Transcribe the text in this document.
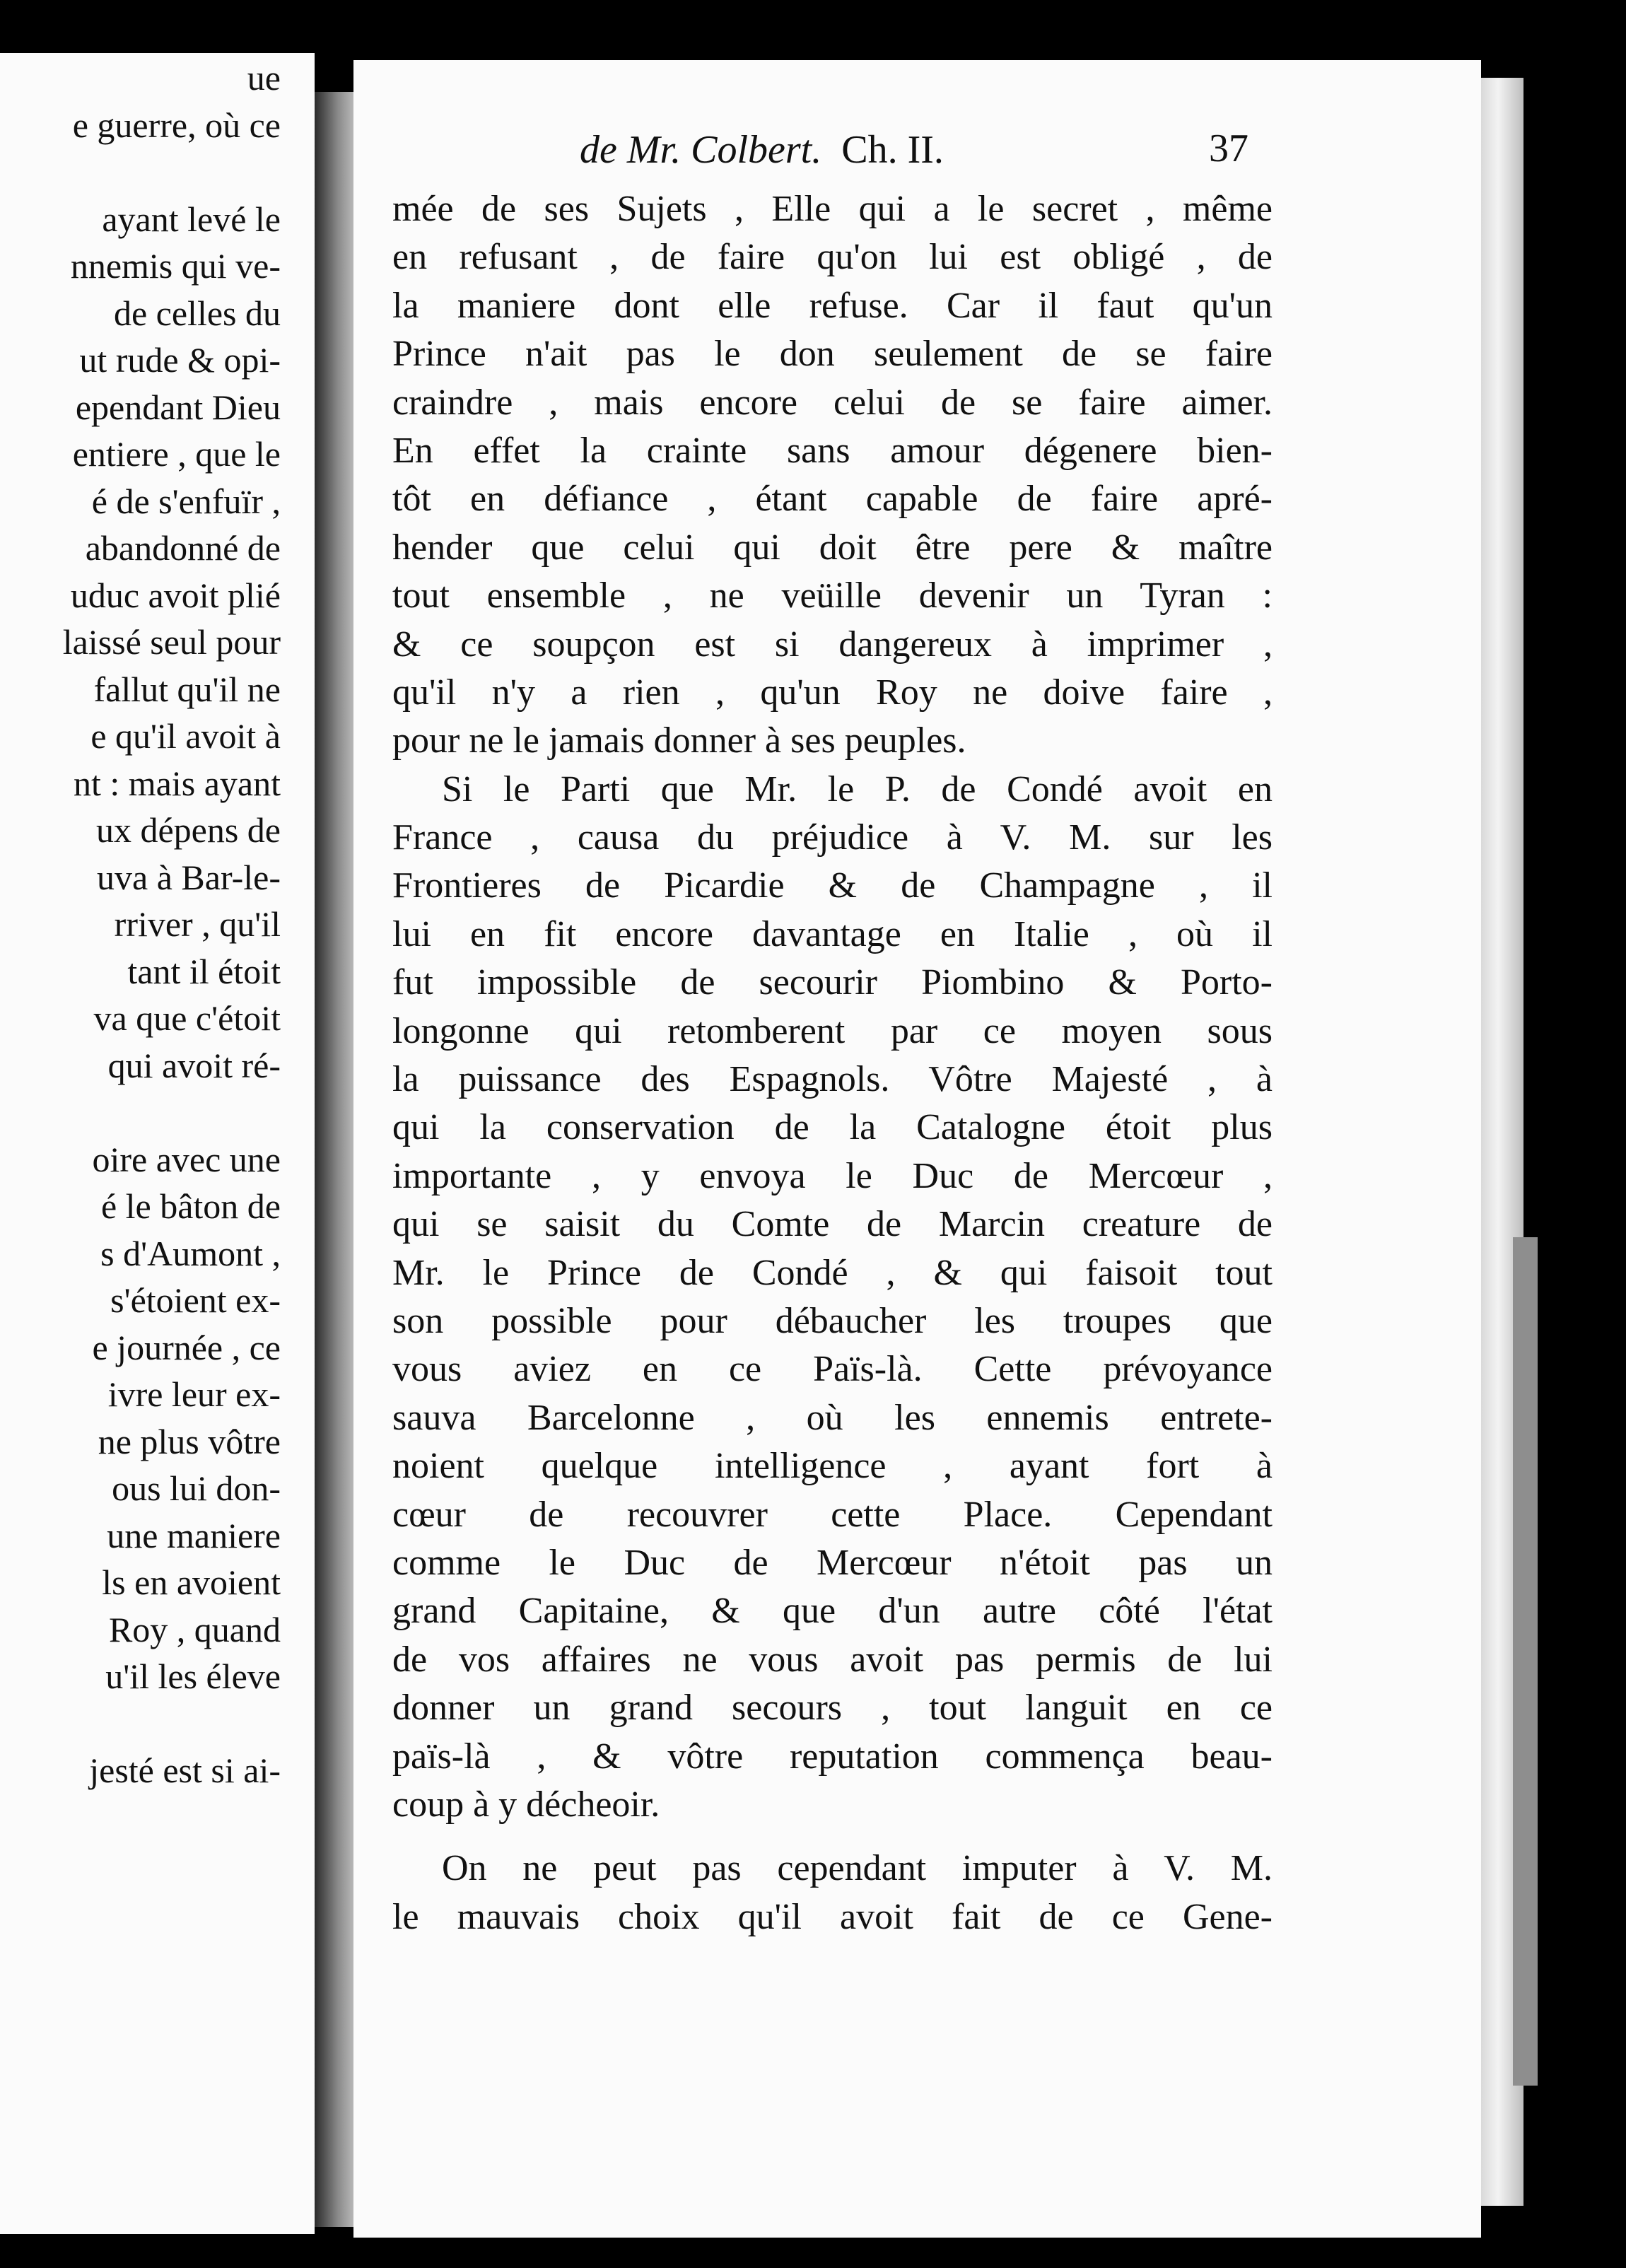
ue
e guerre, où ce
ayant levé le
nnemis qui ve-
de celles du
ut rude & opi-
ependant Dieu
entiere , que le
é de s'enfuïr ,
abandonné de
uduc avoit plié
laissé seul pour
fallut qu'il ne
e qu'il avoit à
nt : mais ayant
ux dépens de
uva à Bar-le-
rriver , qu'il
tant il étoit
va que c'étoit
qui avoit ré-
oire avec une
é le bâton de
s d'Aumont ,
s'étoient ex-
e journée , ce
ivre leur ex-
ne plus vôtre
ous lui don-
une maniere
ls en avoient
Roy , quand
u'il les éleve
jesté est si ai-
de Mr. Colbert. Ch. II.	37
mée de ses Sujets , Elle qui a le secret , même
en refusant , de faire qu'on lui est obligé , de
la maniere dont elle refuse. Car il faut qu'un
Prince n'ait pas le don seulement de se faire
craindre , mais encore celui de se faire aimer.
En effet la crainte sans amour dégenere bien-
tôt en défiance , étant capable de faire apré-
hender que celui qui doit être pere & maître
tout ensemble , ne veüille devenir un Tyran :
& ce soupçon est si dangereux à imprimer ,
qu'il n'y a rien , qu'un Roy ne doive faire ,
pour ne le jamais donner à ses peuples.
Si le Parti que Mr. le P. de Condé avoit en
France , causa du préjudice à V. M. sur les
Frontieres de Picardie & de Champagne , il
lui en fit encore davantage en Italie , où il
fut impossible de secourir Piombino & Porto-
longonne qui retomberent par ce moyen sous
la puissance des Espagnols. Vôtre Majesté , à
qui la conservation de la Catalogne étoit plus
importante , y envoya le Duc de Mercœur ,
qui se saisit du Comte de Marcin creature de
Mr. le Prince de Condé , & qui faisoit tout
son possible pour débaucher les troupes que
vous aviez en ce Païs-là. Cette prévoyance
sauva Barcelonne , où les ennemis entrete-
noient quelque intelligence , ayant fort à
cœur de recouvrer cette Place. Cependant
comme le Duc de Mercœur n'étoit pas un
grand Capitaine, & que d'un autre côté l'état
de vos affaires ne vous avoit pas permis de lui
donner un grand secours , tout languit en ce
païs-là , & vôtre reputation commença beau-
coup à y décheoir.
On ne peut pas cependant imputer à V. M.
le mauvais choix qu'il avoit fait de ce Gene-
